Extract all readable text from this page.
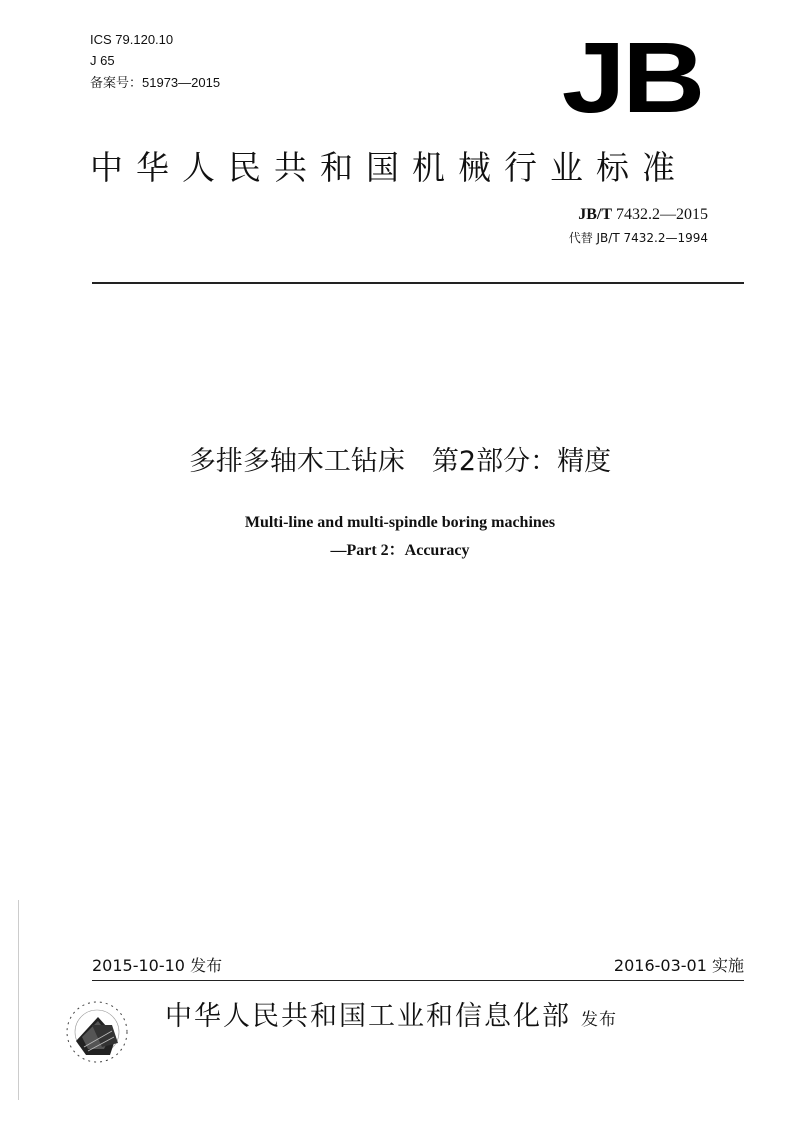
ICS 79.120.10
J 65
备案号：51973—2015	JB
中华人民共和国机械行业标准
JB/T 7432.2—2015
代替 JB/T 7432.2—1994
多排多轴木工钻床　第2部分：精度
Multi-line and multi-spindle boring machines
—Part 2：Accuracy
2015-10-10 发布	2016-03-01 实施
中华人民共和国工业和信息化部 发布
